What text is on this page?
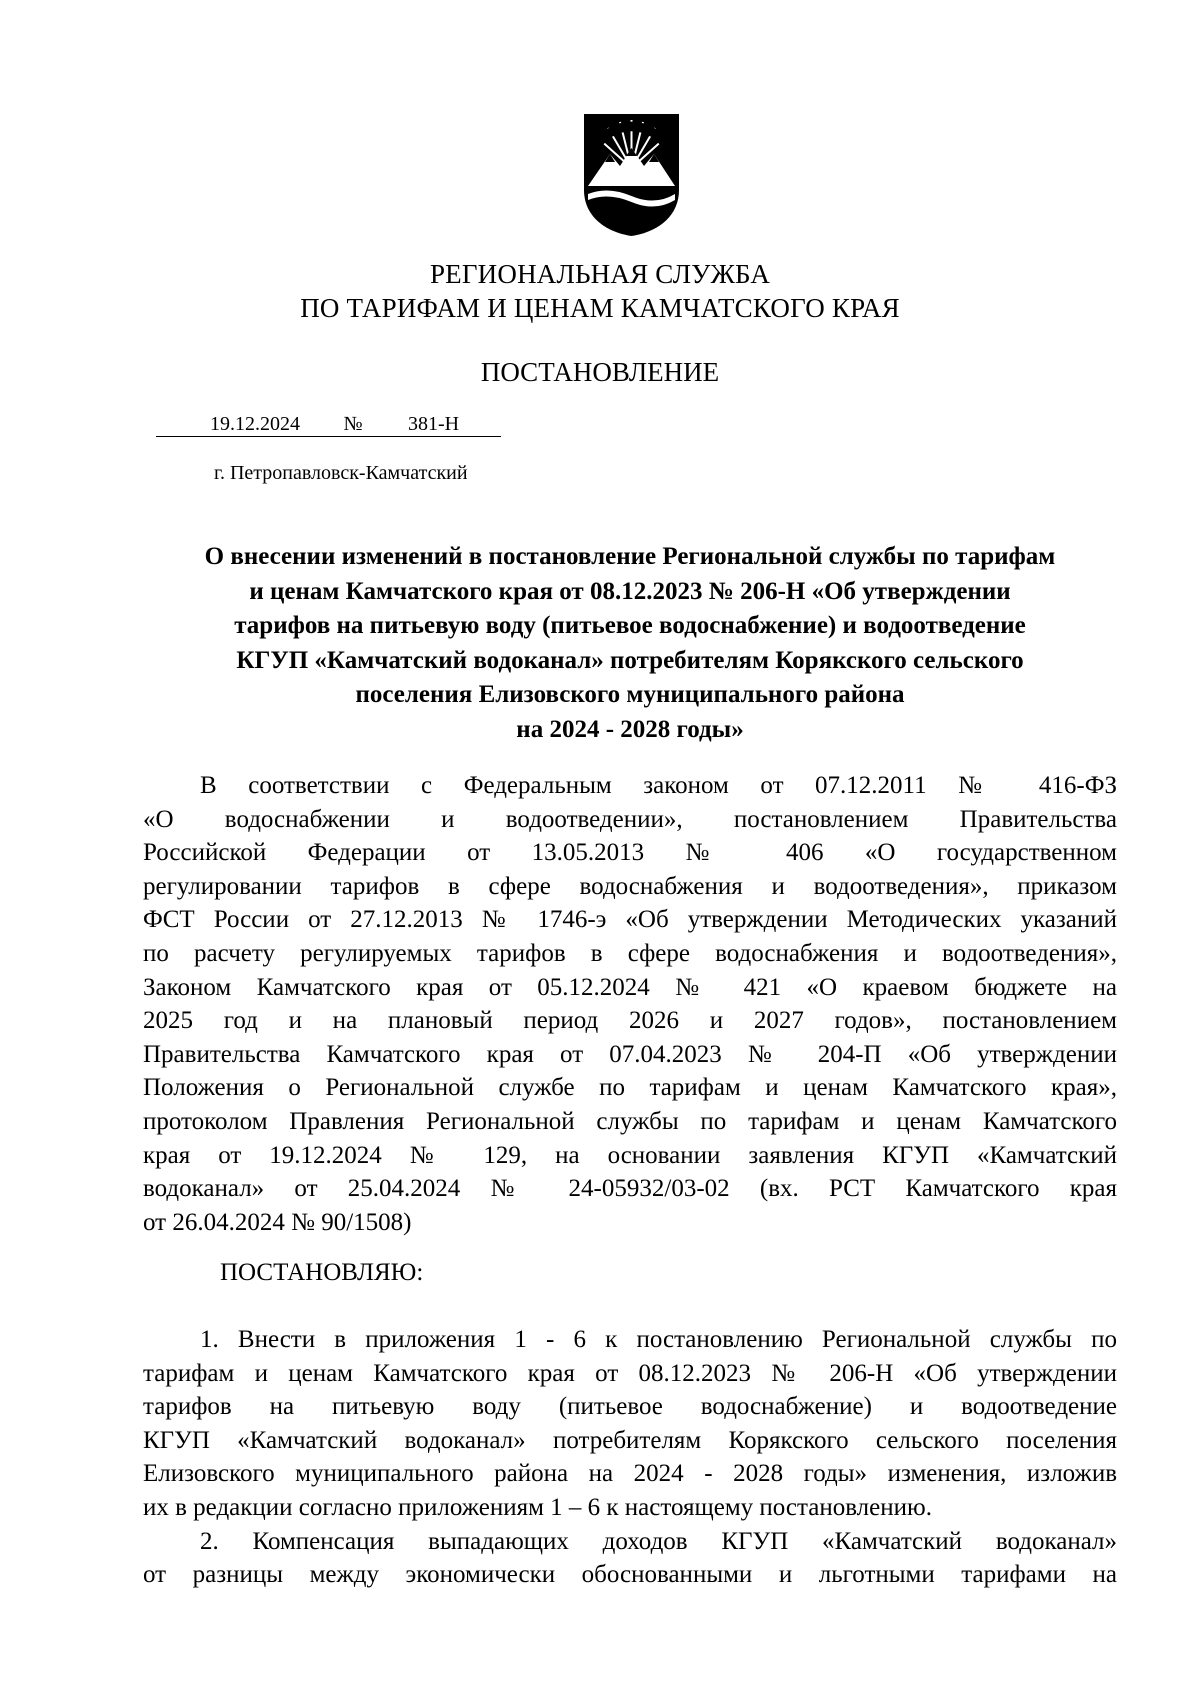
РЕГИОНАЛЬНАЯ СЛУЖБА
ПО ТАРИФАМ И ЦЕНАМ КАМЧАТСКОГО КРАЯ
ПОСТАНОВЛЕНИЕ
19.12.2024 № 381-Н
г. Петропавловск-Камчатский
О внесении изменений в постановление Региональной службы по тарифам
и ценам Камчатского края от 08.12.2023 № 206-Н «Об утверждении
тарифов на питьевую воду (питьевое водоснабжение) и водоотведение
КГУП «Камчатский водоканал» потребителям Корякского сельского
поселения Елизовского муниципального района
на 2024 - 2028 годы»
В соответствии с Федеральным законом от 07.12.2011 № 416-ФЗ
«О водоснабжении и водоотведении», постановлением Правительства
Российской Федерации от 13.05.2013 № 406 «О государственном
регулировании тарифов в сфере водоснабжения и водоотведения», приказом
ФСТ России от 27.12.2013 № 1746-э «Об утверждении Методических указаний
по расчету регулируемых тарифов в сфере водоснабжения и водоотведения»,
Законом Камчатского края от 05.12.2024 № 421 «О краевом бюджете на
2025 год и на плановый период 2026 и 2027 годов», постановлением
Правительства Камчатского края от 07.04.2023 № 204-П «Об утверждении
Положения о Региональной службе по тарифам и ценам Камчатского края»,
протоколом Правления Региональной службы по тарифам и ценам Камчатского
края от 19.12.2024 № 129, на основании заявления КГУП «Камчатский
водоканал» от 25.04.2024 № 24-05932/03-02 (вх. РСТ Камчатского края
от 26.04.2024 № 90/1508)
ПОСТАНОВЛЯЮ:
1. Внести в приложения 1 - 6 к постановлению Региональной службы по
тарифам и ценам Камчатского края от 08.12.2023 № 206-Н «Об утверждении
тарифов на питьевую воду (питьевое водоснабжение) и водоотведение
КГУП «Камчатский водоканал» потребителям Корякского сельского поселения
Елизовского муниципального района на 2024 - 2028 годы» изменения, изложив
их в редакции согласно приложениям 1 – 6 к настоящему постановлению.
2. Компенсация выпадающих доходов КГУП «Камчатский водоканал»
от разницы между экономически обоснованными и льготными тарифами на
